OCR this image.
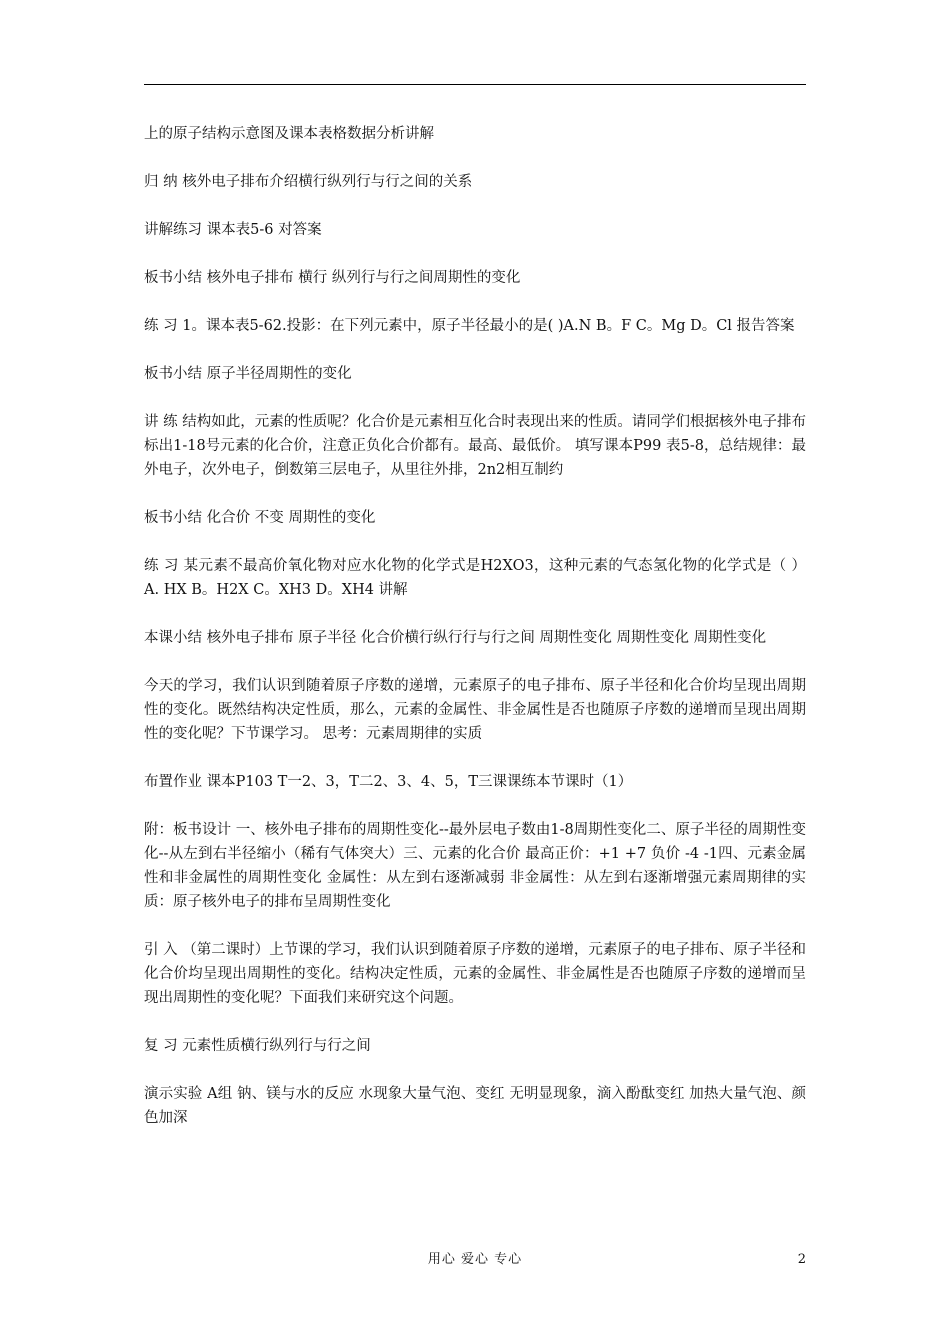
上的原子结构示意图及课本表格数据分析讲解

归 纳 核外电子排布介绍横行纵列行与行之间的关系

讲解练习 课本表5-6 对答案

板书小结 核外电子排布 横行 纵列行与行之间周期性的变化

练 习 1。课本表5-62.投影：在下列元素中，原子半径最小的是( )A.N B。F C。Mg D。Cl 报告答案

板书小结 原子半径周期性的变化

讲 练 结构如此，元素的性质呢？化合价是元素相互化合时表现出来的性质。请同学们根据核外电子排布标出1-18号元素的化合价，注意正负化合价都有。最高、最低价。 填写课本P99 表5-8，总结规律：最外电子，次外电子，倒数第三层电子，从里往外排，2n2相互制约

板书小结 化合价 不变 周期性的变化

练 习 某元素不最高价氧化物对应水化物的化学式是H2XO3，这种元素的气态氢化物的化学式是（ ） A. HX B。H2X C。XH3 D。XH4 讲解

本课小结 核外电子排布 原子半径 化合价横行纵行行与行之间 周期性变化 周期性变化 周期性变化

今天的学习，我们认识到随着原子序数的递增，元素原子的电子排布、原子半径和化合价均呈现出周期性的变化。既然结构决定性质，那么，元素的金属性、非金属性是否也随原子序数的递增而呈现出周期性的变化呢？下节课学习。 思考：元素周期律的实质

布置作业 课本P103 T一2、3，T二2、3、4、5，T三课课练本节课时（1）

附：板书设计 一、核外电子排布的周期性变化--最外层电子数由1-8周期性变化二、原子半径的周期性变化--从左到右半径缩小（稀有气体突大）三、元素的化合价 最高正价：+1 +7 负价 -4 -1四、元素金属性和非金属性的周期性变化 金属性：从左到右逐渐减弱 非金属性：从左到右逐渐增强元素周期律的实质：原子核外电子的排布呈周期性变化

引 入 （第二课时）上节课的学习，我们认识到随着原子序数的递增，元素原子的电子排布、原子半径和化合价均呈现出周期性的变化。结构决定性质，元素的金属性、非金属性是否也随原子序数的递增而呈现出周期性的变化呢？下面我们来研究这个问题。

复 习 元素性质横行纵列行与行之间

演示实验 A组 钠、镁与水的反应 水现象大量气泡、变红 无明显现象，滴入酚酞变红 加热大量气泡、颜色加深

用心 爱心 专心	2
